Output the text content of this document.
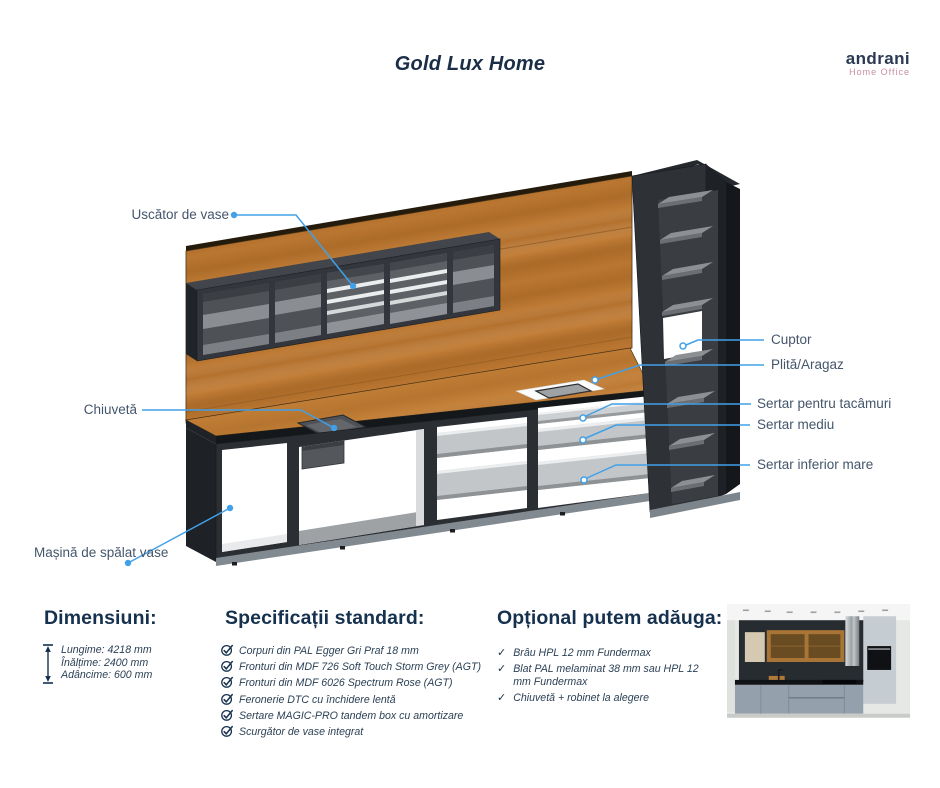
Gold Lux Home	andrani
Home Office
Uscător de vase
Chiuvetă
Mașină de spălat vase
Cuptor
Plită/Aragaz
Sertar pentru tacâmuri
Sertar mediu
Sertar inferior mare
Dimensiuni:
Lungime: 4218 mm
Înălțime: 2400 mm
Adâncime: 600 mm
Specificații standard:
Corpuri din PAL Egger Gri Praf 18 mm
Fronturi din MDF 726 Soft Touch Storm Grey (AGT)
Fronturi din MDF 6026 Spectrum Rose (AGT)
Feronerie DTC cu închidere lentă
Sertare MAGIC-PRO tandem box cu amortizare
Scurgător de vase integrat
Opțional putem adăuga:
✓ Brâu HPL 12 mm Fundermax
✓ Blat PAL melaminat 38 mm sau HPL 12 mm Fundermax
✓ Chiuvetă + robinet la alegere
